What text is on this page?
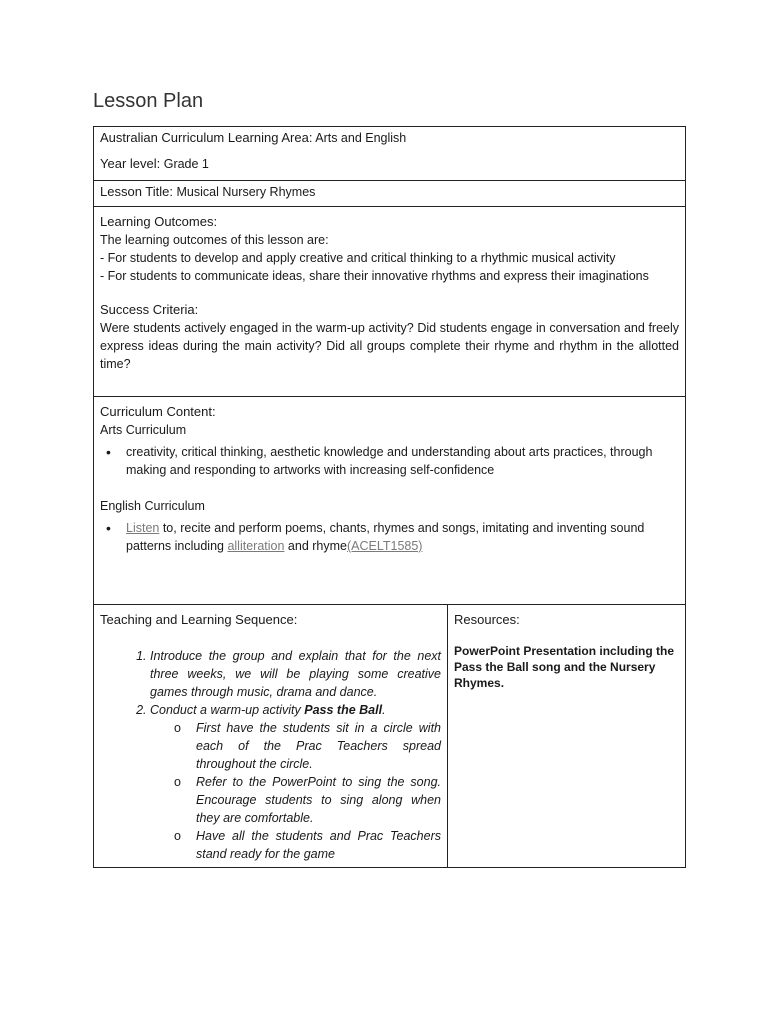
Lesson Plan
Australian Curriculum Learning Area: Arts and English
Year level: Grade 1

Lesson Title: Musical Nursery Rhymes

Learning Outcomes:
The learning outcomes of this lesson are:
- For students to develop and apply creative and critical thinking to a rhythmic musical activity
- For students to communicate ideas, share their innovative rhythms and express their imaginations
Success Criteria:
Were students actively engaged in the warm-up activity? Did students engage in conversation and freely express ideas during the main activity? Did all groups complete their rhyme and rhythm in the allotted time?

Curriculum Content:
Arts Curriculum
• creativity, critical thinking, aesthetic knowledge and understanding about arts practices, through making and responding to artworks with increasing self-confidence
English Curriculum
• Listen to, recite and perform poems, chants, rhymes and songs, imitating and inventing sound patterns including alliteration and rhyme(ACELT1585)

Teaching and Learning Sequence:
1. Introduce the group and explain that for the next three weeks, we will be playing some creative games through music, drama and dance.
2. Conduct a warm-up activity Pass the Ball.
o First have the students sit in a circle with each of the Prac Teachers spread throughout the circle.
o Refer to the PowerPoint to sing the song. Encourage students to sing along when they are comfortable.
o Have all the students and Prac Teachers stand ready for the game

Resources:
PowerPoint Presentation including the Pass the Ball song and the Nursery Rhymes.
